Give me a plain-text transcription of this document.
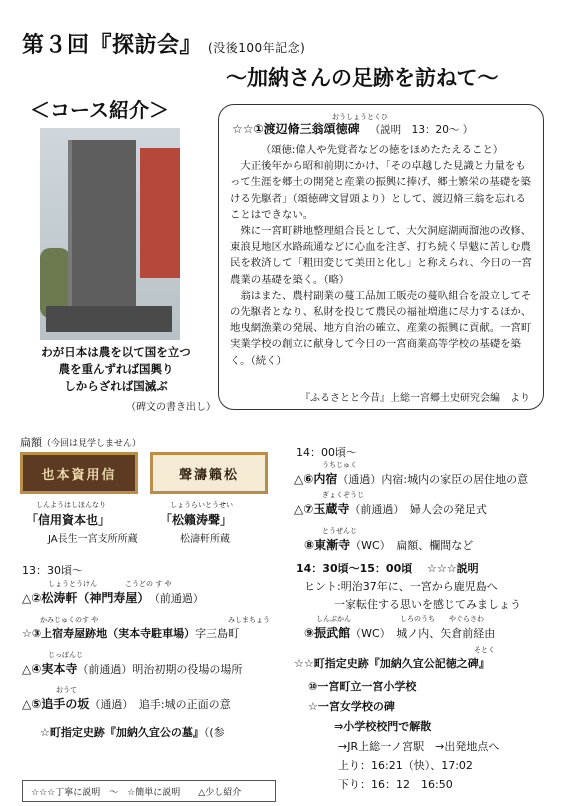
第３回『探訪会』 (没後100年記念)
～加納さんの足跡を訪ねて～
＜コース紹介＞
わが日本は農を以て国を立つ
農を重んずれば国興り
しからざれば国滅ぶ
（碑文の書き出し）
おうしょうとくひ
☆☆①渡辺脩三翁頌徳碑 （説明　13：20～ ）

（頌徳:偉人や先覚者などの徳をほめたたえること）

大正後年から昭和前期にかけ、「その卓越した見識と力量をもって生涯を郷土の開発と産業の振興に捧げ、郷土繁栄の基礎を築ける先駆者」（頌徳碑文冒頭より）として、渡辺脩三翁を忘れることはできない。

殊に一宮町耕地整理組合長として、大欠洞庭湖両溜池の改修、東浪見地区水路疏通などに心血を注ぎ、打ち続く旱魃に苦しむ農民を救済して「粗田変じて美田と化し」と称えられ、今日の一宮農業の基礎を築く。（略）

翁はまた、農村副業の蔓工品加工販売の蔓叺組合を設立してその先駆者となり、私財を投じて農民の福祉増進に尽力するほか、地曳網漁業の発展、地方自治の確立、産業の振興に貢献。一宮町実業学校の創立に献身して今日の一宮商業高等学校の基礎を築く。（続く）

『ふるさとと今昔』上総一宮郷土史研究会編　より
扁額（今回は見学しません）
也本資用信	聲濤籟松
しんようはしほんなり	しょうらいとうせい
「信用資本也」	「松籟涛聲」
JA長生一宮支所所蔵	松濤軒所蔵
13：30頃～
しょうとうけん　　　　こうどの す や
△②松涛軒（神門寿屋）　 （前通過）
かみじゅくのす や	みしまちょう
☆③上宿寿屋跡地（実本寺駐車場）字三島町
じっぽんじ
△④実本寺（前通過）明治初期の役場の場所
おうて
△⑤追手の坂（通過）　追手:城の正面の意
☆町指定史跡『加納久宜公の墓』（(参
14：00頃～
うちじゅく
△⑥内宿（通過）内宿:城内の家臣の居住地の意
ぎょくぞうじ
△⑦玉蔵寺（前通過）　婦人会の発足式
とうぜんじ
⑧東漸寺（WC）　扁額、欄間など
14：30頃～15：00頃　 ☆☆☆説明
ヒント:明治37年に、一宮から鹿児島へ
一家転住する思いを感じてみましょう
しんぶかん　　　　　　　しろのうち　　やぐらさわ
⑨振武館（WC）　城ノ内、矢倉前経由
そとく
☆☆町指定史跡『加納久宜公記徳之碑』
⑩一宮町立一宮小学校
☆一宮女学校の碑
⇒小学校校門で解散
→JR上総一ノ宮駅　→出発地点へ
上り：16:21（快）、17:02
下り：16：12　16:50
☆☆☆丁寧に説明　～　☆簡単に説明　　△少し紹介
